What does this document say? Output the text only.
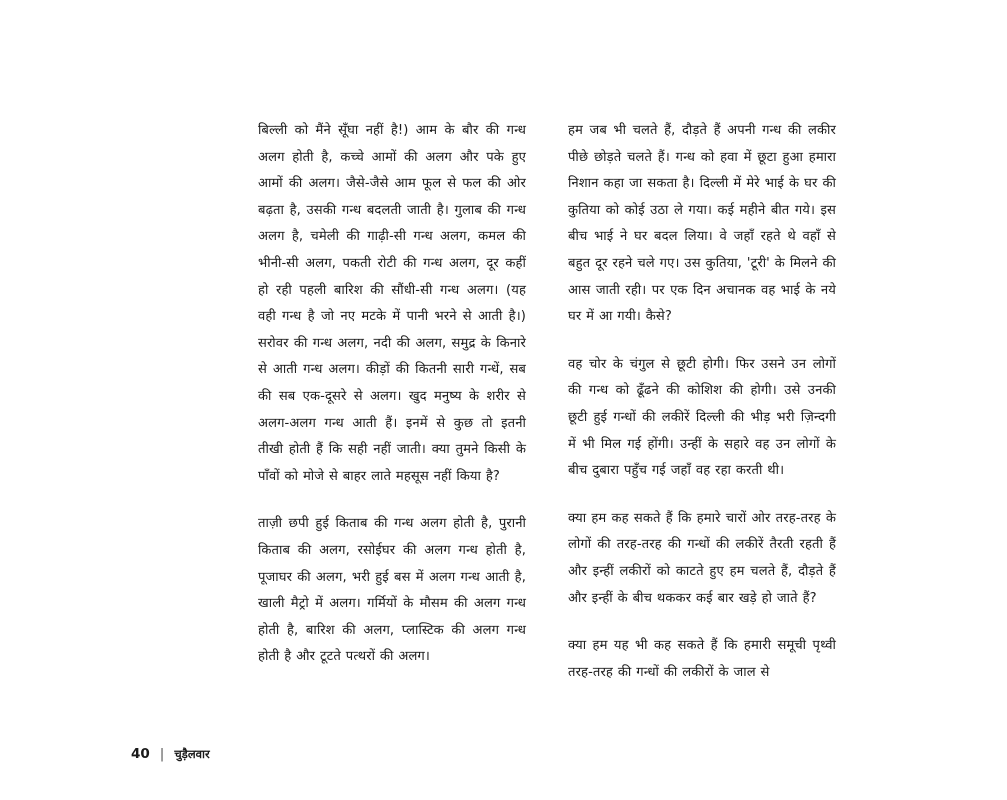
बिल्ली को मैंने सूँघा नहीं है!) आम के बौर की गन्ध अलग होती है, कच्चे आमों की अलग और पके हुए आमों की अलग। जैसे-जैसे आम फूल से फल की ओर बढ़ता है, उसकी गन्ध बदलती जाती है। गुलाब की गन्ध अलग है, चमेली की गाढ़ी-सी गन्ध अलग, कमल की भीनी-सी अलग, पकती रोटी की गन्ध अलग, दूर कहीं हो रही पहली बारिश की सौंधी-सी गन्ध अलग। (यह वही गन्ध है जो नए मटके में पानी भरने से आती है।) सरोवर की गन्ध अलग, नदी की अलग, समुद्र के किनारे से आती गन्ध अलग। कीड़ों की कितनी सारी गन्धें, सब की सब एक-दूसरे से अलग। खुद मनुष्य के शरीर से अलग-अलग गन्ध आती हैं। इनमें से कुछ तो इतनी तीखी होती हैं कि सही नहीं जाती। क्या तुमने किसी के पाँवों को मोजे से बाहर लाते महसूस नहीं किया है?

ताज़ी छपी हुई किताब की गन्ध अलग होती है, पुरानी किताब की अलग, रसोईघर की अलग गन्ध होती है, पूजाघर की अलग, भरी हुई बस में अलग गन्ध आती है, खाली मैट्रो में अलग। गर्मियों के मौसम की अलग गन्ध होती है, बारिश की अलग, प्लास्टिक की अलग गन्ध होती है और टूटते पत्थरों की अलग।

हम जब भी चलते हैं, दौड़ते हैं अपनी गन्ध की लकीर पीछे छोड़ते चलते हैं। गन्ध को हवा में छूटा हुआ हमारा निशान कहा जा सकता है। दिल्ली में मेरे भाई के घर की कुतिया को कोई उठा ले गया। कई महीने बीत गये। इस बीच भाई ने घर बदल लिया। वे जहाँ रहते थे वहाँ से बहुत दूर रहने चले गए। उस कुतिया, 'टूरी' के मिलने की आस जाती रही। पर एक दिन अचानक वह भाई के नये घर में आ गयी। कैसे?

वह चोर के चंगुल से छूटी होगी। फिर उसने उन लोगों की गन्ध को ढूँढने की कोशिश की होगी। उसे उनकी छूटी हुई गन्धों की लकीरें दिल्ली की भीड़ भरी ज़िन्दगी में भी मिल गई होंगी। उन्हीं के सहारे वह उन लोगों के बीच दुबारा पहुँच गई जहाँ वह रहा करती थी।

क्या हम कह सकते हैं कि हमारे चारों ओर तरह-तरह के लोगों की तरह-तरह की गन्धों की लकीरें तैरती रहती हैं और इन्हीं लकीरों को काटते हुए हम चलते हैं, दौड़ते हैं और इन्हीं के बीच थककर कई बार खड़े हो जाते हैं?

क्या हम यह भी कह सकते हैं कि हमारी समूची पृथ्वी तरह-तरह की गन्धों की लकीरों के जाल से

40 | चुड़ैलवार
